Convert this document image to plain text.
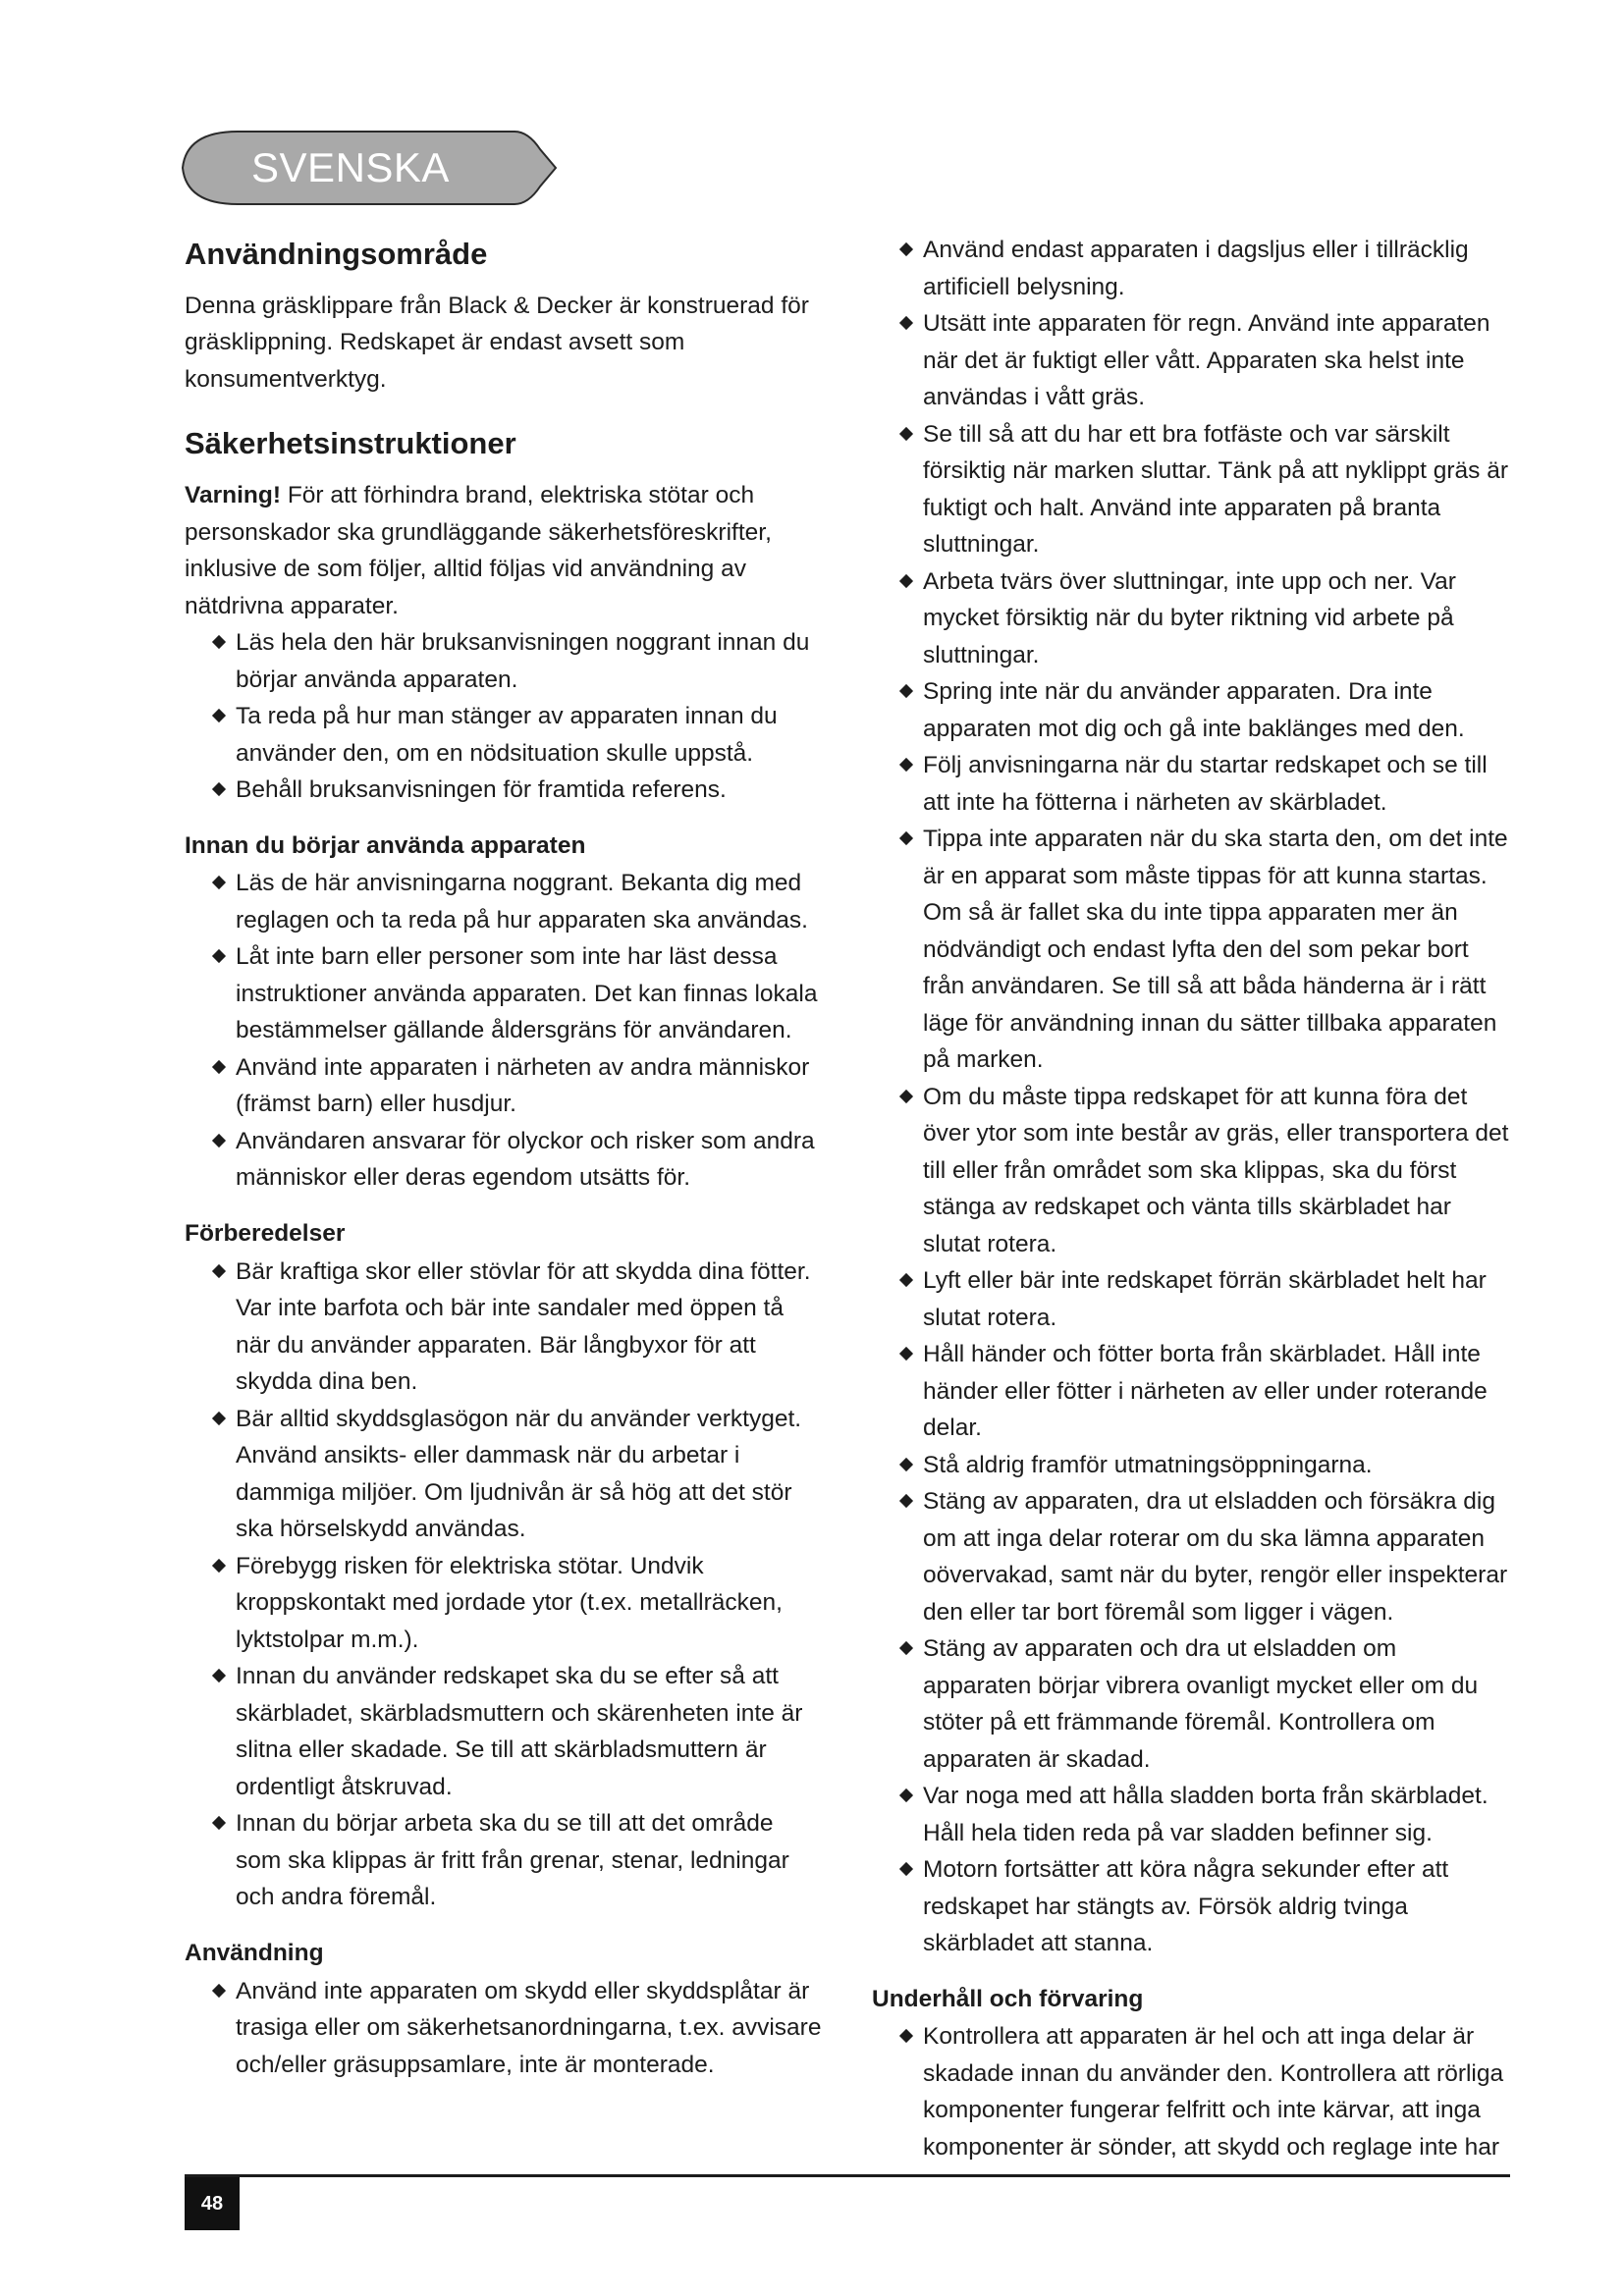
SVENSKA
Användningsområde

Denna gräsklippare från Black & Decker är konstruerad för gräsklippning. Redskapet är endast avsett som konsumentverktyg.

Säkerhetsinstruktioner

Varning! För att förhindra brand, elektriska stötar och personskador ska grundläggande säkerhetsföreskrifter, inklusive de som följer, alltid följas vid användning av nätdrivna apparater.

Läs hela den här bruksanvisningen noggrant innan du börjar använda apparaten.
Ta reda på hur man stänger av apparaten innan du använder den, om en nödsituation skulle uppstå.
Behåll bruksanvisningen för framtida referens.
Innan du börjar använda apparaten
Läs de här anvisningarna noggrant. Bekanta dig med reglagen och ta reda på hur apparaten ska användas.
Låt inte barn eller personer som inte har läst dessa instruktioner använda apparaten. Det kan finnas lokala bestämmelser gällande åldersgräns för användaren.
Använd inte apparaten i närheten av andra människor (främst barn) eller husdjur.
Användaren ansvarar för olyckor och risker som andra människor eller deras egendom utsätts för.
Förberedelser
Bär kraftiga skor eller stövlar för att skydda dina fötter. Var inte barfota och bär inte sandaler med öppen tå när du använder apparaten. Bär långbyxor för att skydda dina ben.
Bär alltid skyddsglasögon när du använder verktyget. Använd ansikts- eller dammask när du arbetar i dammiga miljöer. Om ljudnivån är så hög att det stör ska hörselskydd användas.
Förebygg risken för elektriska stötar. Undvik kroppskontakt med jordade ytor (t.ex. metallräcken, lyktstolpar m.m.).
Innan du använder redskapet ska du se efter så att skärbladet, skärbladsmuttern och skärenheten inte är slitna eller skadade. Se till att skärbladsmuttern är ordentligt åtskruvad.
Innan du börjar arbeta ska du se till att det område som ska klippas är fritt från grenar, stenar, ledningar och andra föremål.
Användning
Använd inte apparaten om skydd eller skyddsplåtar är trasiga eller om säkerhetsanordningarna, t.ex. avvisare och/eller gräsuppsamlare, inte är monterade.
Använd endast apparaten i dagsljus eller i tillräcklig artificiell belysning.
Utsätt inte apparaten för regn. Använd inte apparaten när det är fuktigt eller vått. Apparaten ska helst inte användas i vått gräs.
Se till så att du har ett bra fotfäste och var särskilt försiktig när marken sluttar. Tänk på att nyklippt gräs är fuktigt och halt. Använd inte apparaten på branta sluttningar.
Arbeta tvärs över sluttningar, inte upp och ner. Var mycket försiktig när du byter riktning vid arbete på sluttningar.
Spring inte när du använder apparaten. Dra inte apparaten mot dig och gå inte baklänges med den.
Följ anvisningarna när du startar redskapet och se till att inte ha fötterna i närheten av skärbladet.
Tippa inte apparaten när du ska starta den, om det inte är en apparat som måste tippas för att kunna startas. Om så är fallet ska du inte tippa apparaten mer än nödvändigt och endast lyfta den del som pekar bort från användaren. Se till så att båda händerna är i rätt läge för användning innan du sätter tillbaka apparaten på marken.
Om du måste tippa redskapet för att kunna föra det över ytor som inte består av gräs, eller transportera det till eller från området som ska klippas, ska du först stänga av redskapet och vänta tills skärbladet har slutat rotera.
Lyft eller bär inte redskapet förrän skärbladet helt har slutat rotera.
Håll händer och fötter borta från skärbladet. Håll inte händer eller fötter i närheten av eller under roterande delar.
Stå aldrig framför utmatningsöppningarna.
Stäng av apparaten, dra ut elsladden och försäkra dig om att inga delar roterar om du ska lämna apparaten oövervakad, samt när du byter, rengör eller inspekterar den eller tar bort föremål som ligger i vägen.
Stäng av apparaten och dra ut elsladden om apparaten börjar vibrera ovanligt mycket eller om du stöter på ett främmande föremål. Kontrollera om apparaten är skadad.
Var noga med att hålla sladden borta från skärbladet. Håll hela tiden reda på var sladden befinner sig.
Motorn fortsätter att köra några sekunder efter att redskapet har stängts av. Försök aldrig tvinga skärbladet att stanna.
Underhåll och förvaring
Kontrollera att apparaten är hel och att inga delar är skadade innan du använder den. Kontrollera att rörliga komponenter fungerar felfritt och inte kärvar, att inga komponenter är sönder, att skydd och reglage inte har
48
